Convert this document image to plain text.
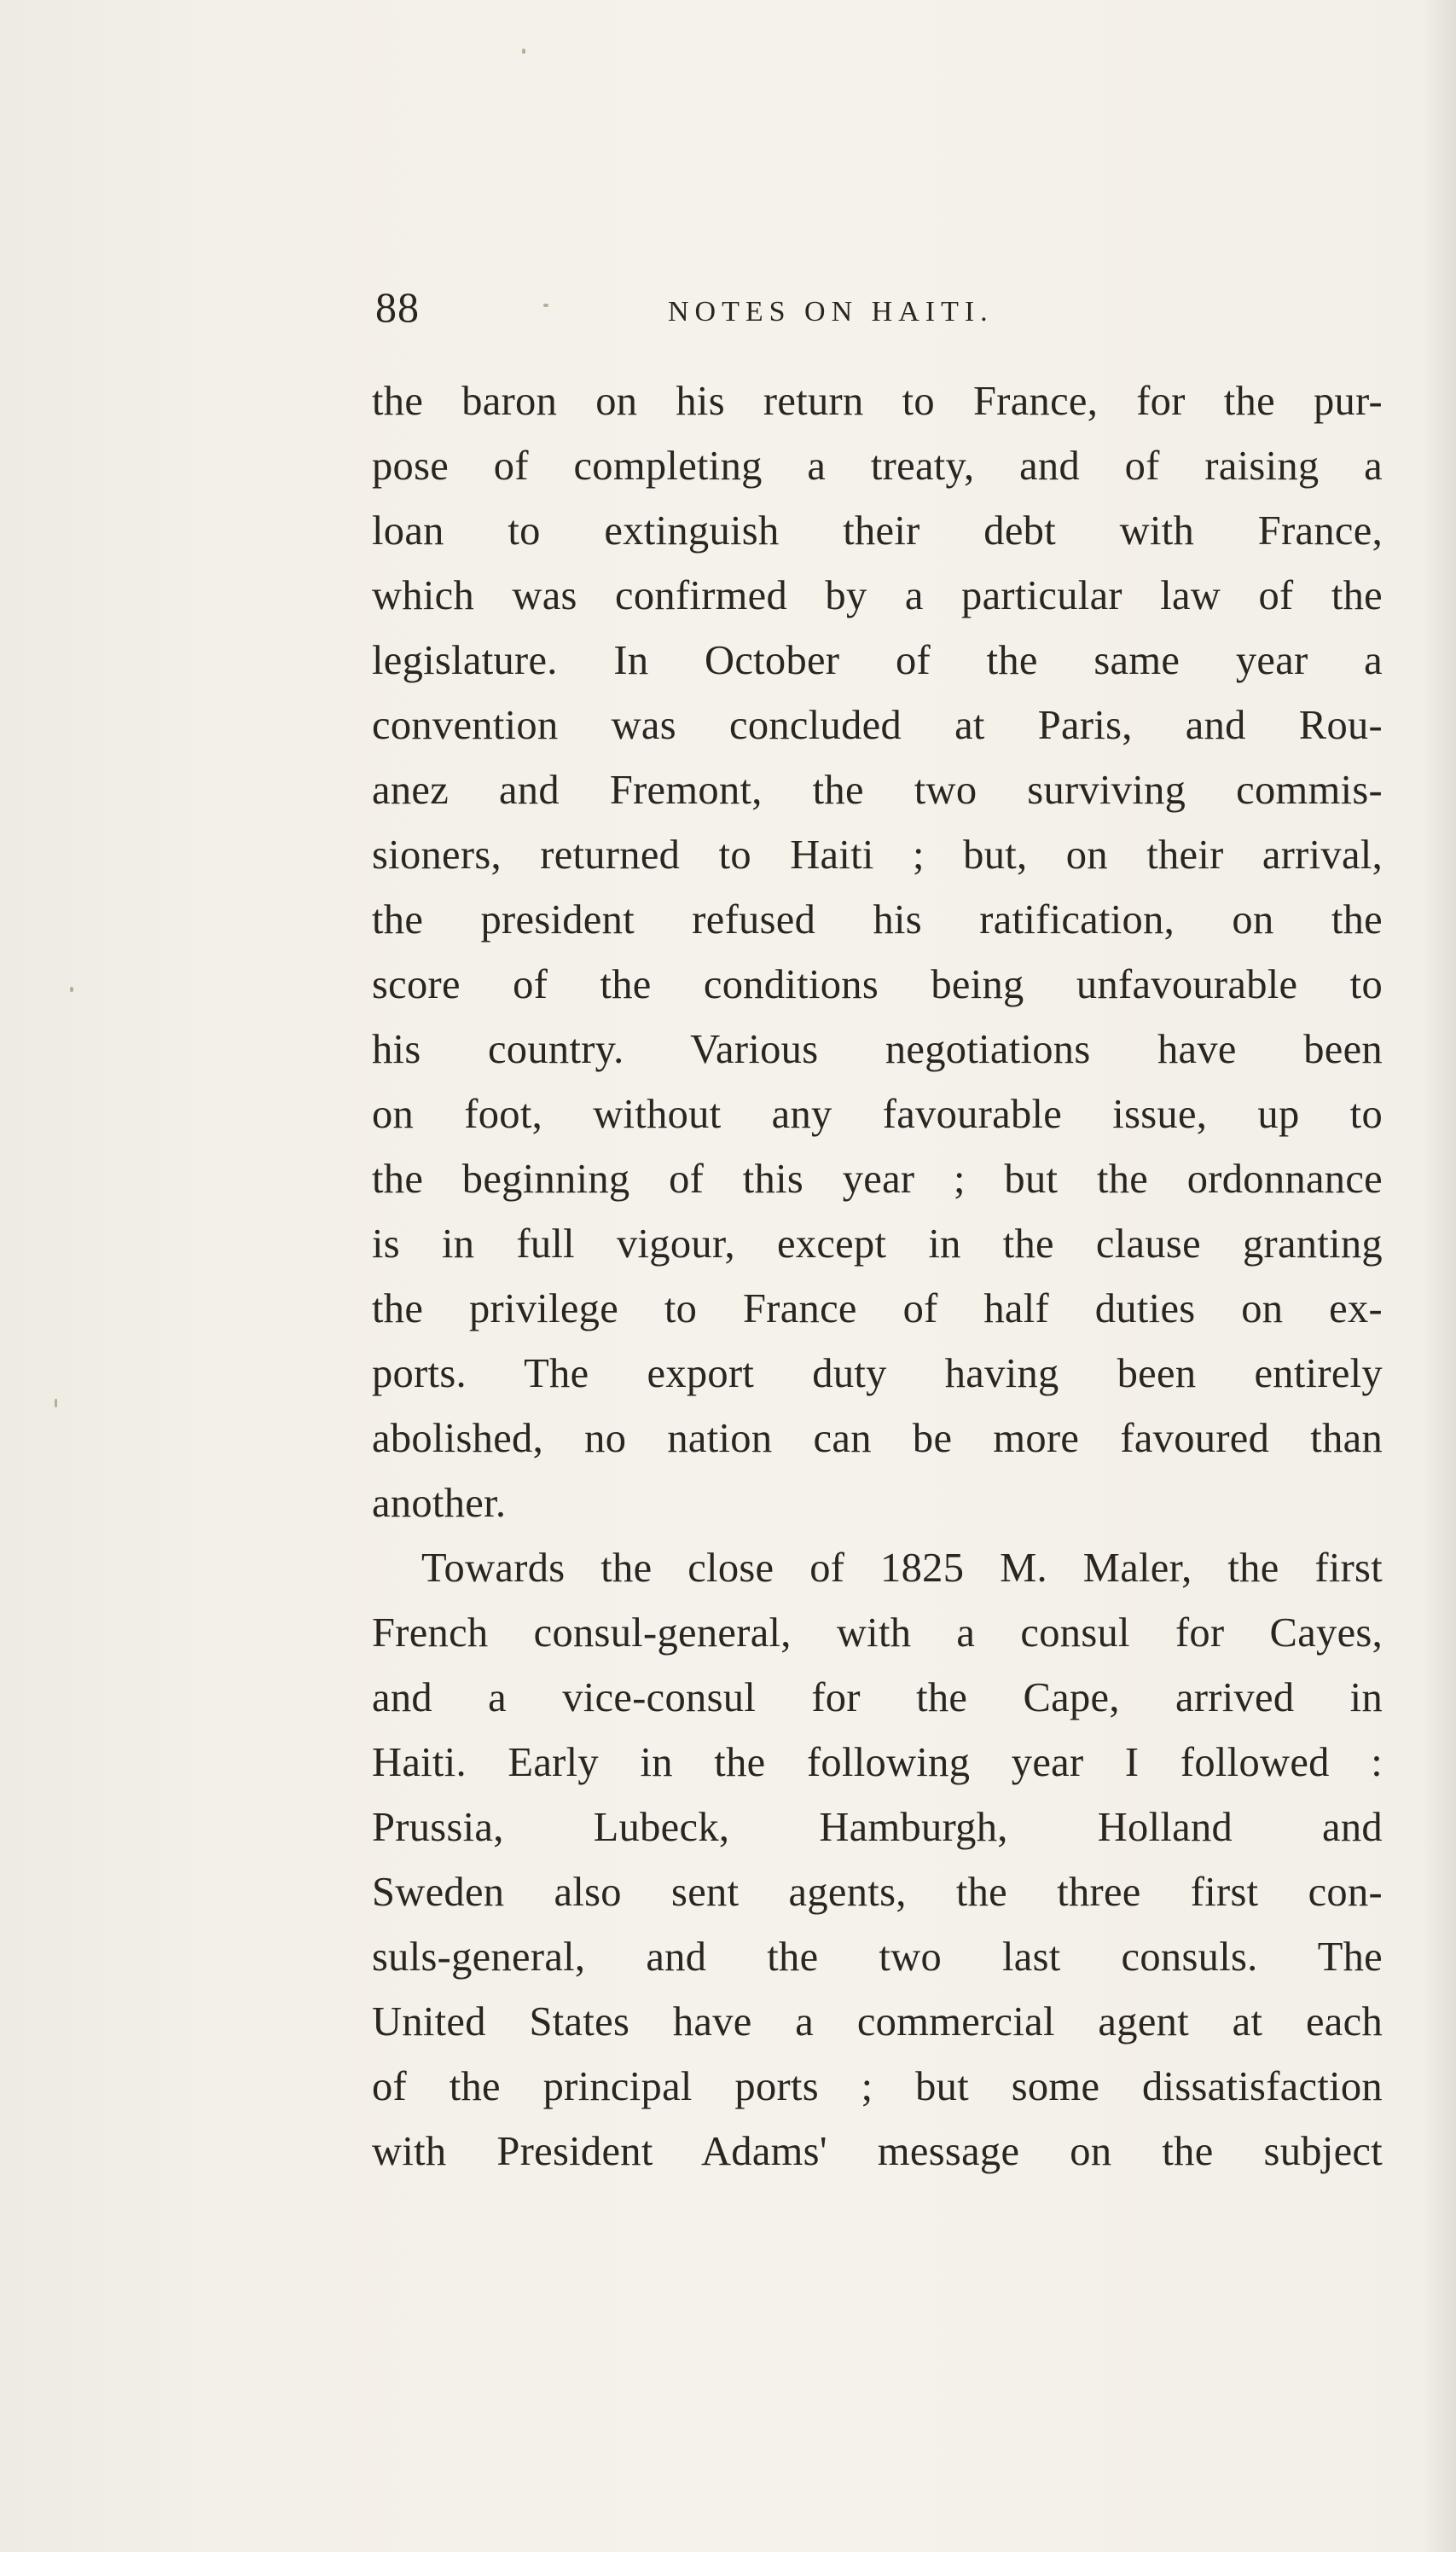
88	NOTES ON HAITI.
the baron on his return to France, for the pur-
pose of completing a treaty, and of raising a
loan to extinguish their debt with France,
which was confirmed by a particular law of the
legislature. In October of the same year a
convention was concluded at Paris, and Rou-
anez and Fremont, the two surviving commis-
sioners, returned to Haiti ; but, on their arrival,
the president refused his ratification, on the
score of the conditions being unfavourable to
his country. Various negotiations have been
on foot, without any favourable issue, up to
the beginning of this year ; but the ordonnance
is in full vigour, except in the clause granting
the privilege to France of half duties on ex-
ports. The export duty having been entirely
abolished, no nation can be more favoured than
another.
Towards the close of 1825 M. Maler, the first
French consul-general, with a consul for Cayes,
and a vice-consul for the Cape, arrived in
Haiti. Early in the following year I followed :
Prussia, Lubeck, Hamburgh, Holland and
Sweden also sent agents, the three first con-
suls-general, and the two last consuls. The
United States have a commercial agent at each
of the principal ports ; but some dissatisfaction
with President Adams' message on the subject
